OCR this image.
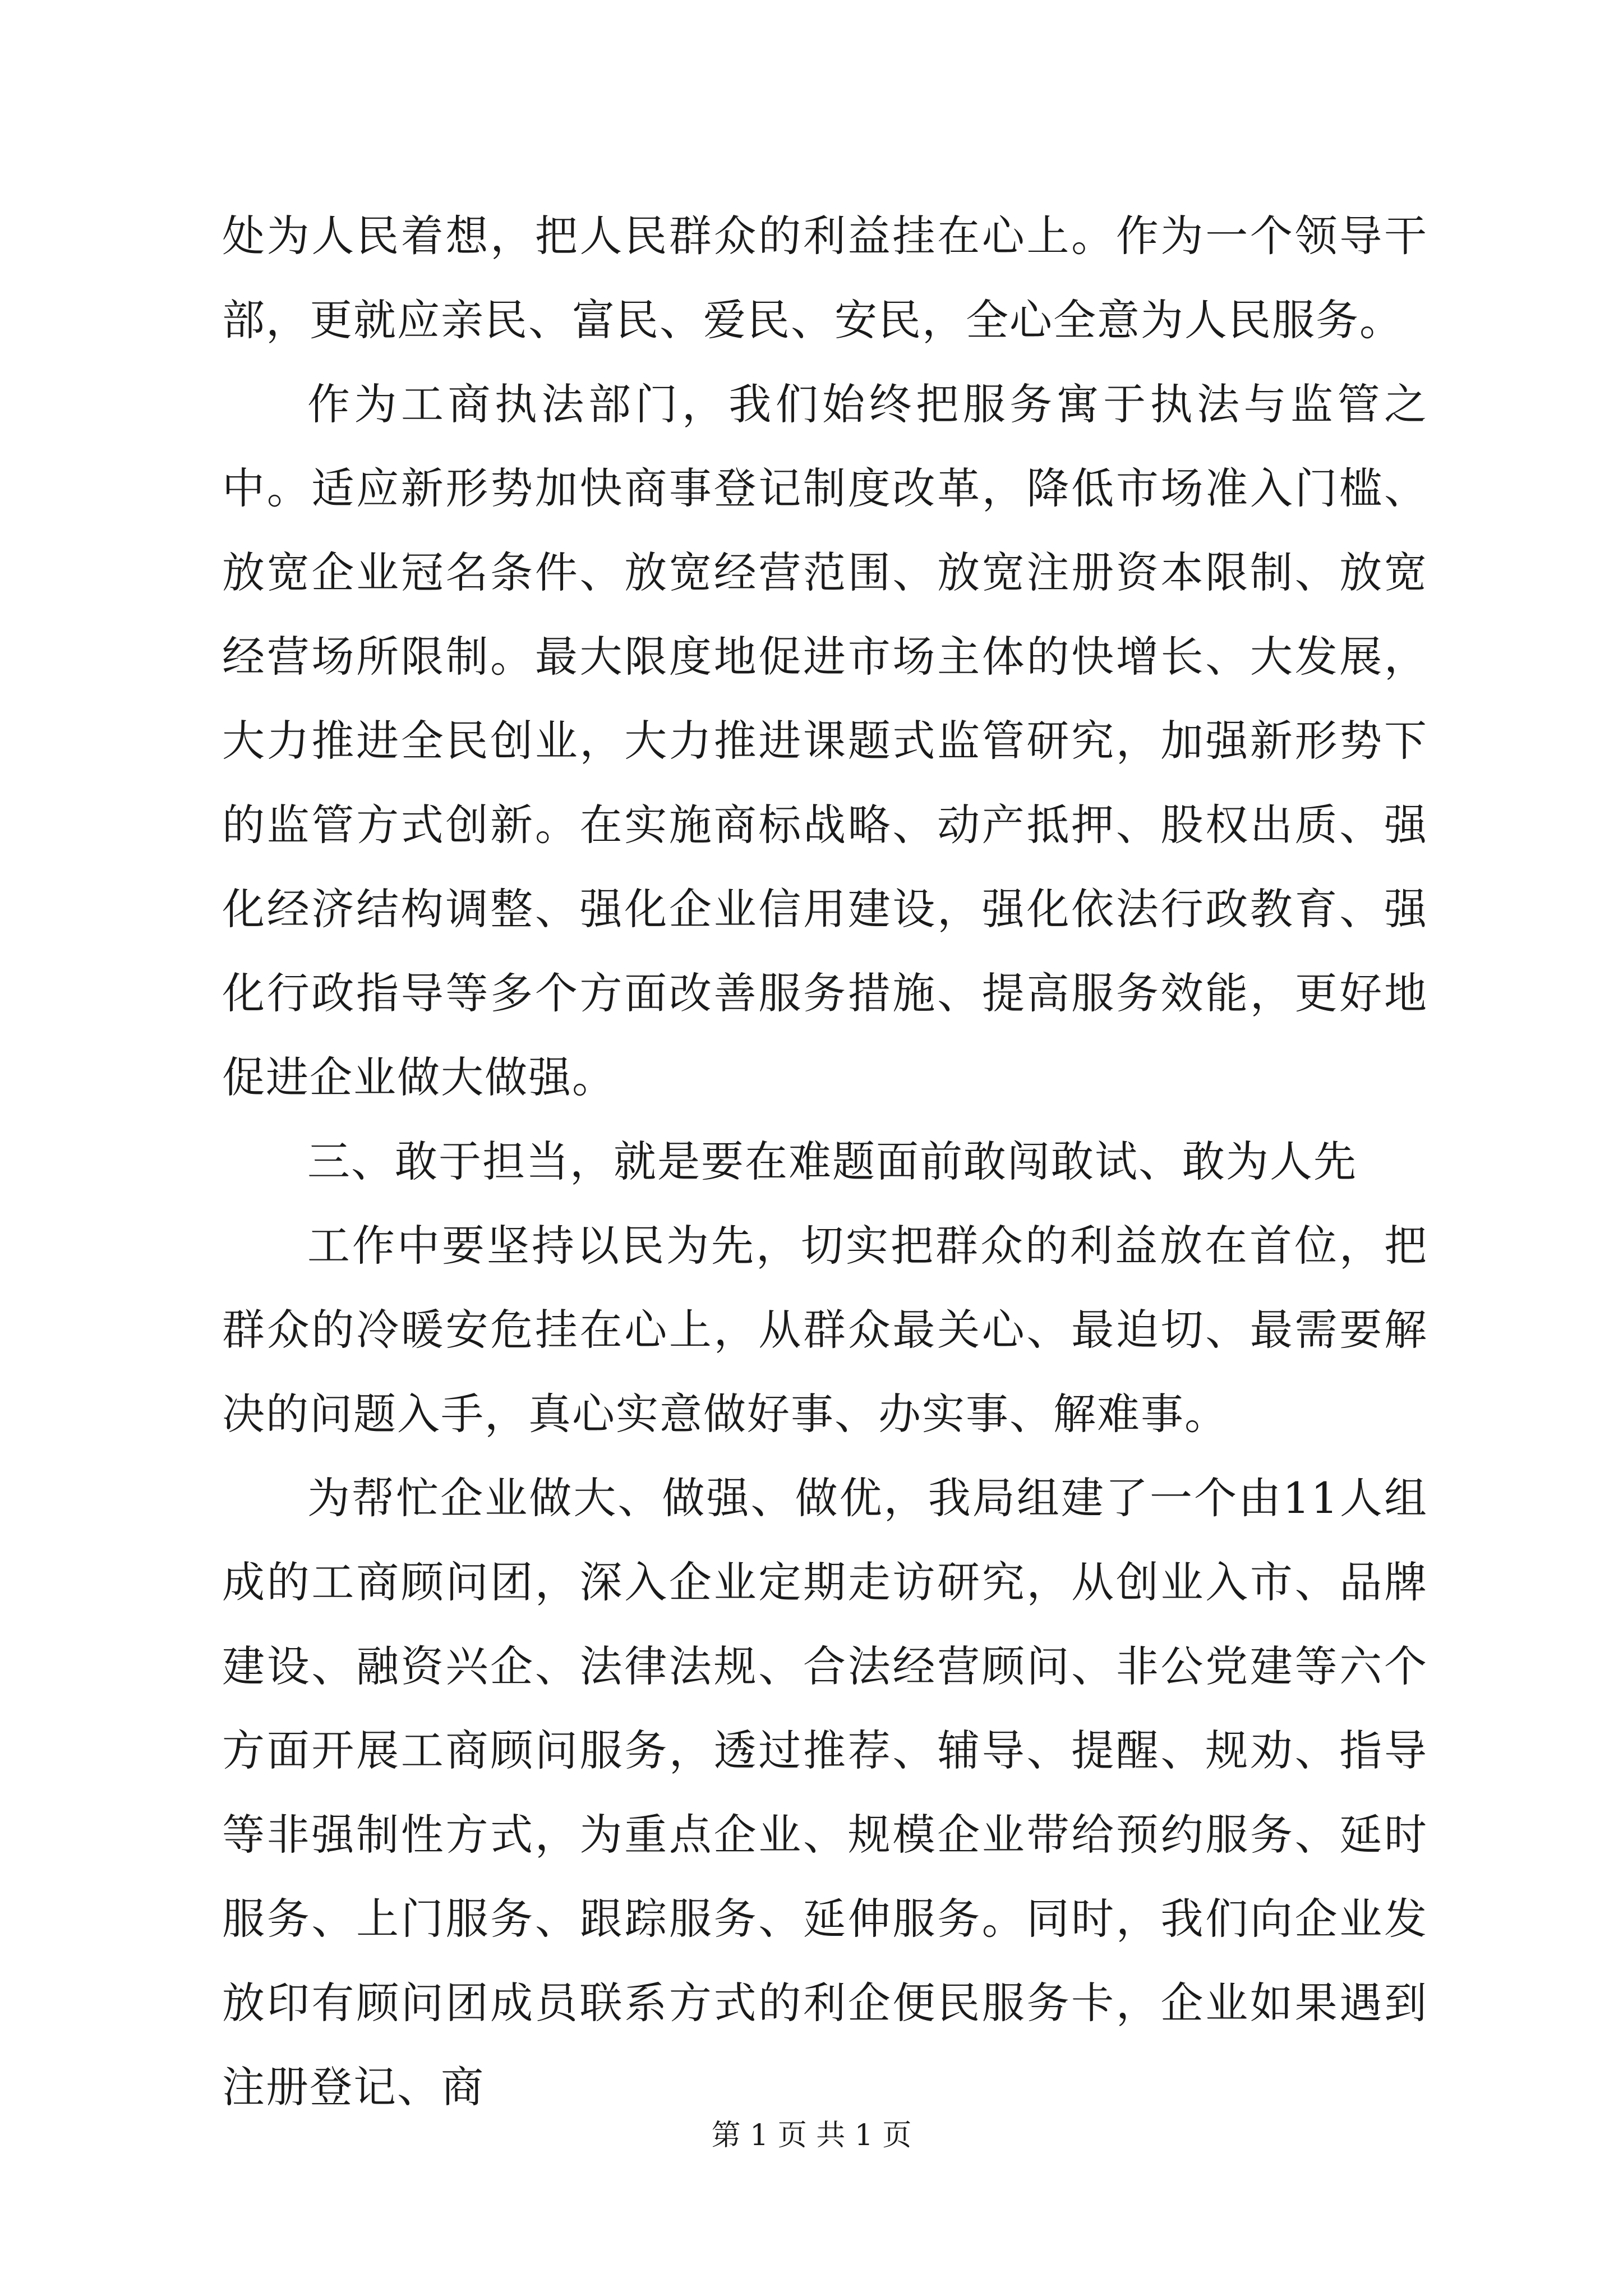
处为人民着想，把人民群众的利益挂在心上。作为一个领导干部，更就应亲民、富民、爱民、安民，全心全意为人民服务。

作为工商执法部门，我们始终把服务寓于执法与监管之中。适应新形势加快商事登记制度改革，降低市场准入门槛、放宽企业冠名条件、放宽经营范围、放宽注册资本限制、放宽经营场所限制。最大限度地促进市场主体的快增长、大发展，大力推进全民创业，大力推进课题式监管研究，加强新形势下的监管方式创新。在实施商标战略、动产抵押、股权出质、强化经济结构调整、强化企业信用建设，强化依法行政教育、强化行政指导等多个方面改善服务措施、提高服务效能，更好地促进企业做大做强。

三、敢于担当，就是要在难题面前敢闯敢试、敢为人先

工作中要坚持以民为先，切实把群众的利益放在首位，把群众的冷暖安危挂在心上，从群众最关心、最迫切、最需要解决的问题入手，真心实意做好事、办实事、解难事。

为帮忙企业做大、做强、做优，我局组建了一个由11人组成的工商顾问团，深入企业定期走访研究，从创业入市、品牌建设、融资兴企、法律法规、合法经营顾问、非公党建等六个方面开展工商顾问服务，透过推荐、辅导、提醒、规劝、指导等非强制性方式，为重点企业、规模企业带给预约服务、延时服务、上门服务、跟踪服务、延伸服务。同时，我们向企业发放印有顾问团成员联系方式的利企便民服务卡，企业如果遇到注册登记、商

第 1 页 共 1 页
